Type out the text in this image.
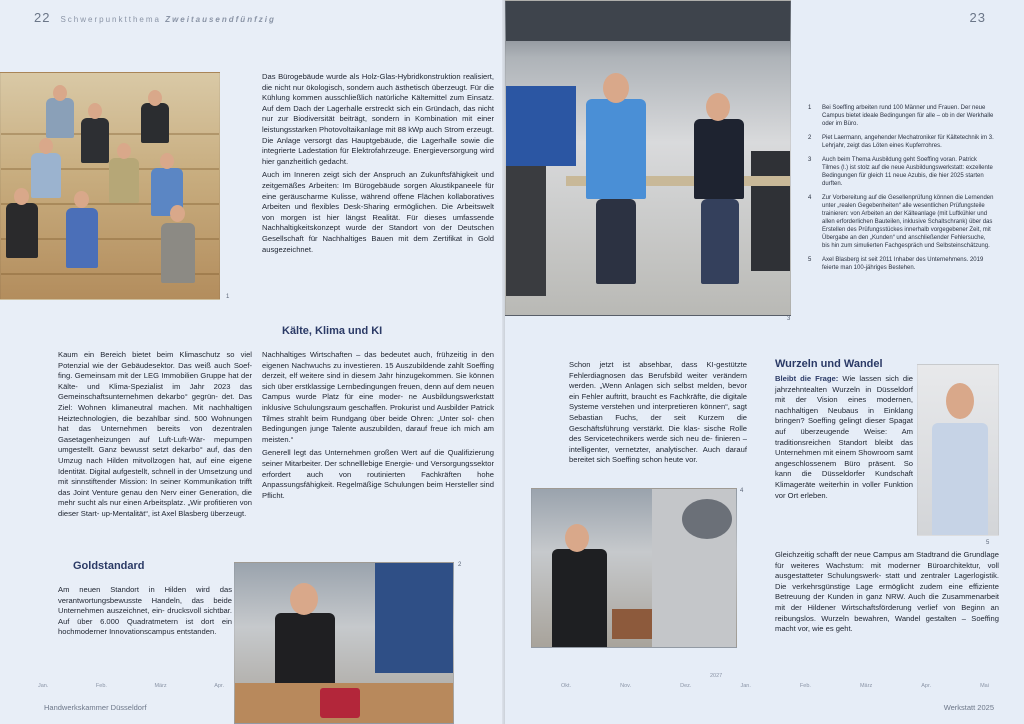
22 Schwerpunktthema Zweitausendfünfzig
1

Das Bürogebäude wurde als Holz-Glas-Hybridkonstruktion realisiert, die nicht nur ökologisch, sondern auch ästhetisch überzeugt. Für die Kühlung kommen ausschließlich natürliche Kältemittel zum Einsatz. Auf dem Dach der Lagerhalle erstreckt sich ein Gründach, das nicht nur zur Biodiversität beiträgt, sondern in Kombination mit einer leistungsstarken Photovoltaikanlage mit 88 kWp auch Strom erzeugt. Die Anlage versorgt das Hauptgebäude, die Lagerhalle sowie die integrierte Ladestation für Elektrofahrzeuge. Energieversorgung wird hier ganzheitlich gedacht.

Auch im Inneren zeigt sich der Anspruch an Zukunftsfähigkeit und zeitgemäßes Arbeiten: Im Bürogebäude sorgen Akustikpaneele für eine geräuscharme Kulisse, während offene Flächen kollaboratives Arbeiten und flexibles Desk-Sharing ermöglichen. Die Arbeitswelt von morgen ist hier längst Realität. Für dieses umfassende Nachhaltigkeitskonzept wurde der Standort von der Deutschen Gesellschaft für Nachhaltiges Bauen mit dem Zertifikat in Gold ausgezeichnet.

Kälte, Klima und KI

Kaum ein Bereich bietet beim Klimaschutz so viel Potenzial wie der Gebäudesektor. Das weiß auch Soef- fing. Gemeinsam mit der LEG Immobilien Gruppe hat der Kälte- und Klima-Spezialist im Jahr 2023 das Gemeinschaftsunternehmen dekarbo° gegrün- det. Das Ziel: Wohnen klimaneutral machen. Mit nachhaltigen Heiztechnologien, die bezahlbar sind. 500 Wohnungen hat das Unternehmen bereits von dezentralen Gasetagenheizungen auf Luft-Luft-Wär- mepumpen umgestellt. Ganz bewusst setzt dekarbo° auf, das den Umzug nach Hilden mitvollzogen hat, auf eine eigene Identität. Digital aufgestellt, schnell in der Umsetzung und mit sinnstiftender Mission: In seiner Kommunikation trifft das Joint Venture genau den Nerv einer Generation, die mehr sucht als nur einen Arbeitsplatz. „Wir profitieren von dieser Start- up-Mentalität“, ist Axel Blasberg überzeugt.

Goldstandard

Am neuen Standort in Hilden wird das verantwortungsbewusste Handeln, das beide Unternehmen auszeichnet, ein- drucksvoll sichtbar. Auf über 6.000 Quadratmetern ist dort ein hochmoderner Innovationscampus entstanden.

Nachhaltiges Wirtschaften – das bedeutet auch, frühzeitig in den eigenen Nachwuchs zu investieren. 15 Auszubildende zahlt Soeffing derzeit, elf weitere sind in diesem Jahr hinzugekommen. Sie können sich über erstklassige Lernbedingungen freuen, denn auf dem neuen Campus wurde Platz für eine moder- ne Ausbildungswerkstatt inklusive Schulungsraum geschaffen. Prokurist und Ausbilder Patrick Tilmes strahlt beim Rundgang über beide Ohren: „Unter sol- chen Bedingungen junge Talente auszubilden, darauf freue ich mich am meisten.“

Generell legt das Unternehmen großen Wert auf die Qualifizierung seiner Mitarbeiter. Der schnelllebige Energie- und Versorgungssektor erfordert auch von routinierten Fachkräften hohe Anpassungsfähigkeit. Regelmäßige Schulungen beim Hersteller sind Pflicht.

2
Jan.	Feb.	März	Apr.
Handwerkskammer Düsseldorf
23
3

Schon jetzt ist absehbar, dass KI-gestützte Fehlerdiagnosen das Berufsbild weiter verändern werden. „Wenn Anlagen sich selbst melden, bevor ein Fehler auftritt, braucht es Fachkräfte, die digitale Systeme verstehen und interpretieren können“, sagt Sebastian Fuchs, der seit Kurzem die Geschäftsführung verstärkt. Die klas- sische Rolle des Servicetechnikers werde sich neu de- finieren – intelligenter, vernetzter, analytischer. Auch darauf bereitet sich Soeffing schon heute vor.

4
Wurzeln und Wandel

Bleibt die Frage: Wie lassen sich die jahrzehntealten Wurzeln in Düsseldorf mit der Vision eines modernen, nachhaltigen Neubaus in Einklang bringen? Soeffing gelingt dieser Spagat auf überzeugende Weise: Am traditionsreichen Standort bleibt das Unternehmen mit einem Showroom samt angeschlossenem Büro präsent. So kann die Düsseldorfer Kundschaft Klimageräte weiterhin in voller Funktion vor Ort erleben.

5

Gleichzeitig schafft der neue Campus am Stadtrand die Grundlage für weiteres Wachstum: mit moderner Büroarchitektur, voll ausgestatteter Schulungswerk- statt und zentraler Lagerlogistik. Die verkehrsgünstige Lage ermöglicht zudem eine effiziente Betreuung der Kunden in ganz NRW. Auch die Zusammenarbeit mit der Hildener Wirtschaftsförderung verlief von Beginn an reibungslos. Wurzeln bewahren, Wandel gestalten – Soeffing macht vor, wie es geht.

Okt.	Nov.	Dez.	Jan.	Feb.	März	Apr.	Mai
2027
Werkstatt 2025
1	Bei Soeffing arbeiten rund 100 Männer und Frauen. Der neue Campus bietet ideale Bedingungen für alle – ob in der Werkhalle oder im Büro.
2	Piet Laermann, angehender Mechatroniker für Kältetechnik im 3. Lehrjahr, zeigt das Löten eines Kupferrohres.
3	Auch beim Thema Ausbildung geht Soeffing voran. Patrick Tilmes (l.) ist stolz auf die neue Ausbildungswerkstatt: exzellente Bedingungen für gleich 11 neue Azubis, die hier 2025 starten durften.
4	Zur Vorbereitung auf die Gesellenprüfung können die Lernenden unter „realen Gegebenheiten“ alle wesentlichen Prüfungsteile trainieren: von Arbeiten an der Kälteanlage (mit Luftkühler und allen erforderlichen Bauteilen, inklusive Schaltschrank) über das Erstellen des Prüfungsstückes innerhalb vorgegebener Zeit, mit Übergabe an den „Kunden“ und anschließender Fehlersuche, bis hin zum simulierten Fachgespräch und Selbsteinschätzung.
5	Axel Blasberg ist seit 2011 Inhaber des Unternehmens. 2019 feierte man 100-jähriges Bestehen.
